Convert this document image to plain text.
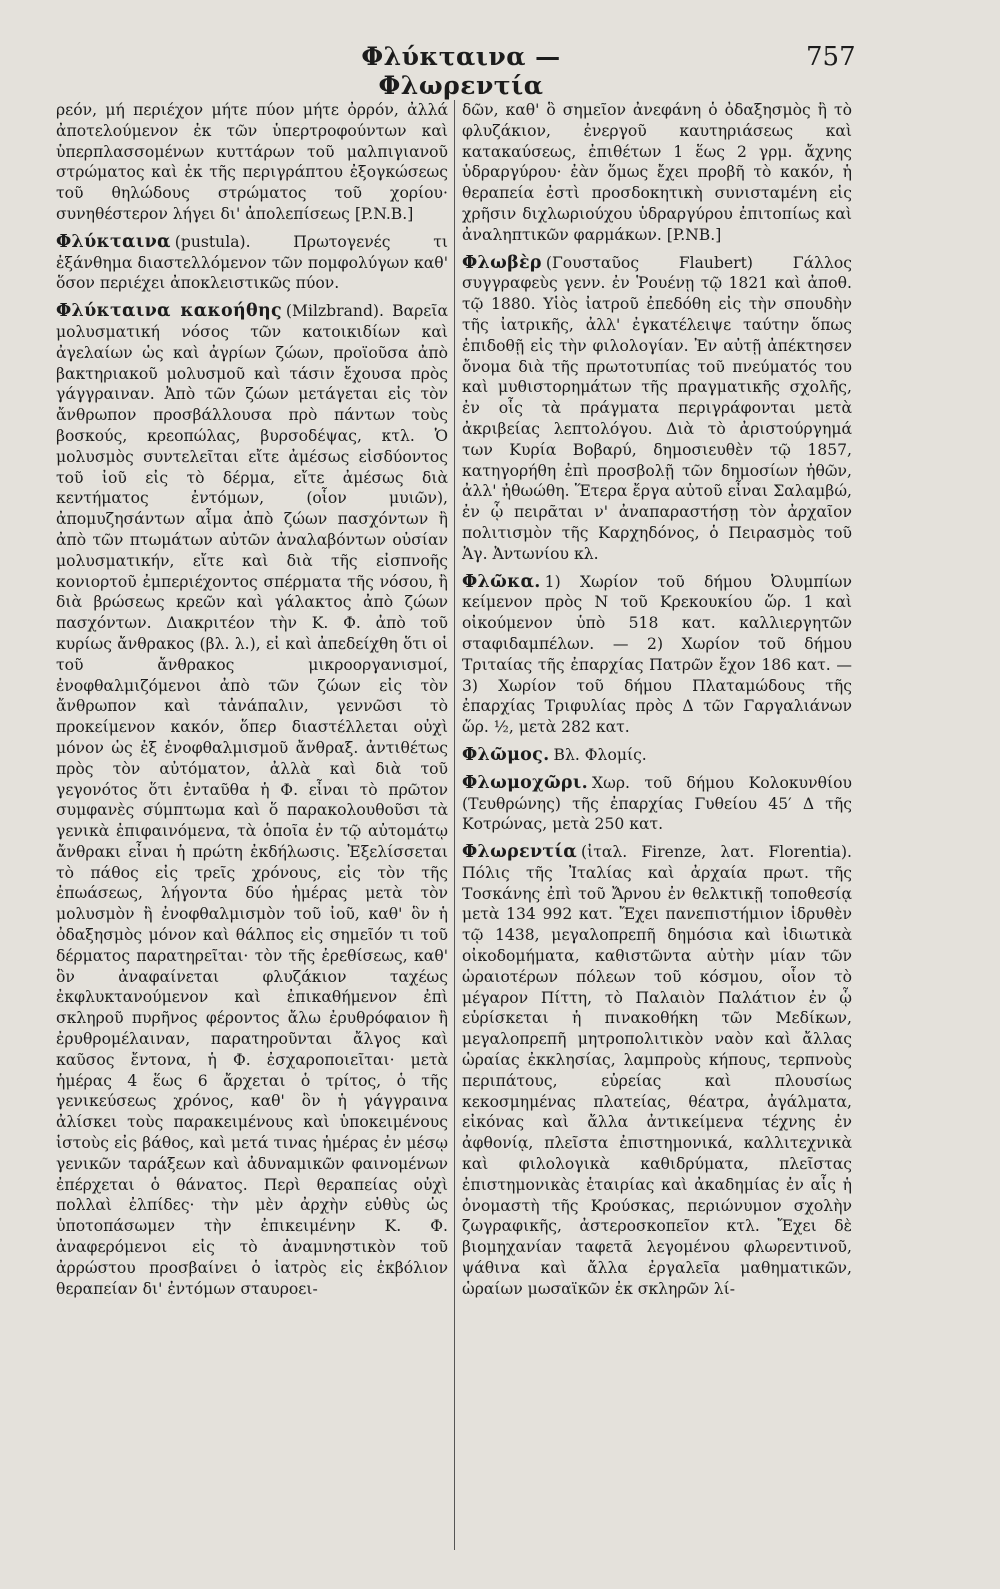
Φλύκταινα — Φλωρεντία
757

ρεόν, μή περιέχον μήτε πύον μήτε ὀρρόν, ἀλλά ἀποτελούμενον ἐκ τῶν ὑπερτροφούντων καὶ ὑπερπλασσομένων κυττάρων τοῦ μαλπιγιανοῦ στρώματος καὶ ἐκ τῆς περιγράπτου ἐξογκώσεως τοῦ θηλώδους στρώματος τοῦ χορίου· συνηθέστερον λήγει δι' ἀπολεπίσεως [P.N.B.]

Φλύκταινα (pustula). Πρωτογενές τι ἐξάνθημα διαστελλόμενον τῶν πομφολύγων καθ' ὅσον περιέχει ἀποκλειστικῶς πύον.

Φλύκταινα κακοήθης (Milzbrand). Βαρεῖα μολυσματική νόσος τῶν κατοικιδίων καὶ ἀγελαίων ὡς καὶ ἀγρίων ζώων, προϊοῦσα ἀπὸ βακτηριακοῦ μολυσμοῦ καὶ τάσιν ἔχουσα πρὸς γάγγραιναν. Ἀπὸ τῶν ζώων μετάγεται εἰς τὸν ἄνθρωπον προσβάλλουσα πρὸ πάντων τοὺς βοσκούς, κρεοπώλας, βυρσοδέψας, κτλ. Ὁ μολυσμὸς συντελεῖται εἴτε ἀμέσως εἰσδύοντος τοῦ ἰοῦ εἰς τὸ δέρμα, εἴτε ἀμέσως διὰ κεντήματος ἐντόμων, (οἷον μυιῶν), ἀπομυζησάντων αἷμα ἀπὸ ζώων πασχόντων ἢ ἀπὸ τῶν πτωμάτων αὐτῶν ἀναλαβόντων οὐσίαν μολυσματικήν, εἴτε καὶ διὰ τῆς εἰσπνοῆς κονιορτοῦ ἐμπεριέχοντος σπέρματα τῆς νόσου, ἢ διὰ βρώσεως κρεῶν καὶ γάλακτος ἀπὸ ζώων πασχόντων. Διακριτέον τὴν Κ. Φ. ἀπὸ τοῦ κυρίως ἄνθρακος (βλ. λ.), εἰ καὶ ἀπεδείχθη ὅτι οἱ τοῦ ἄνθρακος μικροοργανισμοί, ἐνοφθαλμιζόμενοι ἀπὸ τῶν ζώων εἰς τὸν ἄνθρωπον καὶ τἀνάπαλιν, γεννῶσι τὸ προκείμενον κακόν, ὅπερ διαστέλλεται οὐχὶ μόνον ὡς ἐξ ἐνοφθαλμισμοῦ ἄνθραξ. ἀντιθέτως πρὸς τὸν αὐτόματον, ἀλλὰ καὶ διὰ τοῦ γεγονότος ὅτι ἐνταῦθα ἡ Φ. εἶναι τὸ πρῶτον συμφανὲς σύμπτωμα καὶ ὅ παρακολουθοῦσι τὰ γενικὰ ἐπιφαινόμενα, τὰ ὁποῖα ἐν τῷ αὐτομάτῳ ἄνθρακι εἶναι ἡ πρώτη ἐκδήλωσις. Ἐξελίσσεται τὸ πάθος εἰς τρεῖς χρόνους, εἰς τὸν τῆς ἐπωάσεως, λήγοντα δύο ἡμέρας μετὰ τὸν μολυσμὸν ἢ ἐνοφθαλμισμὸν τοῦ ἰοῦ, καθ' ὃν ἡ ὀδαξησμὸς μόνον καὶ θάλπος εἰς σημεῖόν τι τοῦ δέρματος παρατηρεῖται· τὸν τῆς ἐρεθίσεως, καθ' ὃν ἀναφαίνεται φλυζάκιον ταχέως ἐκφλυκτανούμενον καὶ ἐπικαθήμενον ἐπὶ σκληροῦ πυρῆνος φέροντος ἄλω ἐρυθρόφαιον ἢ ἐρυθρομέλαιναν, παρατηροῦνται ἄλγος καὶ καῦσος ἔντονα, ἡ Φ. ἐσχαροποιεῖται· μετὰ ἡμέρας 4 ἕως 6 ἄρχεται ὁ τρίτος, ὁ τῆς γενικεύσεως χρόνος, καθ' ὃν ἡ γάγγραινα ἀλίσκει τοὺς παρακειμένους καὶ ὑποκειμένους ἱστοὺς εἰς βάθος, καὶ μετά τινας ἡμέρας ἐν μέσῳ γενικῶν ταράξεων καὶ ἀδυναμικῶν φαινομένων ἐπέρχεται ὁ θάνατος. Περὶ θεραπείας οὐχὶ πολλαὶ ἐλπίδες· τὴν μὲν ἀρχὴν εὐθὺς ὡς ὑποτοπάσωμεν τὴν ἐπικειμένην Κ. Φ. ἀναφερόμενοι εἰς τὸ ἀναμνηστικὸν τοῦ ἀρρώστου προσβαίνει ὁ ἰατρὸς εἰς ἐκβόλιον θεραπείαν δι' ἐντόμων σταυροει-

δῶν, καθ' ὃ σημεῖον ἀνεφάνη ὁ ὀδαξησμὸς ἢ τὸ φλυζάκιον, ἐνεργοῦ καυτηριάσεως καὶ κατακαύσεως, ἐπιθέτων 1 ἕως 2 γρμ. ἄχνης ὑδραργύρου· ἐὰν ὅμως ἔχει προβῆ τὸ κακόν, ἡ θεραπεία ἐστὶ προσδοκητικὴ συνισταμένη εἰς χρῆσιν διχλωριούχου ὑδραργύρου ἐπιτοπίως καὶ ἀναληπτικῶν φαρμάκων. [P.NB.]

Φλωβὲρ (Γουσταῦος Flaubert) Γάλλος συγγραφεὺς γενν. ἐν Ῥουένῃ τῷ 1821 καὶ ἀποθ. τῷ 1880. Υἱὸς ἰατροῦ ἐπεδόθη εἰς τὴν σπουδὴν τῆς ἰατρικῆς, ἀλλ' ἐγκατέλειψε ταύτην ὅπως ἐπιδοθῇ εἰς τὴν φιλολογίαν. Ἐν αὐτῇ ἀπέκτησεν ὄνομα διὰ τῆς πρωτοτυπίας τοῦ πνεύματός του καὶ μυθιστορημάτων τῆς πραγματικῆς σχολῆς, ἐν οἷς τὰ πράγματα περιγράφονται μετὰ ἀκριβείας λεπτολόγου. Διὰ τὸ ἀριστούργημά των Κυρία Βοβαρύ, δημοσιευθὲν τῷ 1857, κατηγορήθη ἐπὶ προσβολῇ τῶν δημοσίων ἠθῶν, ἀλλ' ἠθωώθη. Ἕτερα ἔργα αὐτοῦ εἶναι Σαλαμβώ, ἐν ᾧ πειρᾶται ν' ἀναπαραστήσῃ τὸν ἀρχαῖον πολιτισμὸν τῆς Καρχηδόνος, ὁ Πειρασμὸς τοῦ Ἁγ. Ἀντωνίου κλ.

Φλῶκα. 1) Χωρίον τοῦ δήμου Ὀλυμπίων κείμενον πρὸς Ν τοῦ Κρεκουκίου ὥρ. 1 καὶ οἰκούμενον ὑπὸ 518 κατ. καλλιεργητῶν σταφιδαμπέλων. — 2) Χωρίον τοῦ δήμου Τριταίας τῆς ἐπαρχίας Πατρῶν ἔχον 186 κατ. — 3) Χωρίον τοῦ δήμου Πλαταμώδους τῆς ἐπαρχίας Τριφυλίας πρὸς Δ τῶν Γαργαλιάνων ὥρ. ½, μετὰ 282 κατ.

Φλῶμος. Βλ. Φλομίς.

Φλωμοχῶρι. Χωρ. τοῦ δήμου Κολοκυνθίου (Τευθρώνης) τῆς ἐπαρχίας Γυθείου 45′ Δ τῆς Κοτρώνας, μετὰ 250 κατ.

Φλωρεντία (ἰταλ. Firenze, λατ. Florentia). Πόλις τῆς Ἰταλίας καὶ ἀρχαία πρωτ. τῆς Τοσκάνης ἐπὶ τοῦ Ἄρνου ἐν θελκτικῇ τοποθεσίᾳ μετὰ 134 992 κατ. Ἔχει πανεπιστήμιον ἱδρυθὲν τῷ 1438, μεγαλοπρεπῆ δημόσια καὶ ἰδιωτικὰ οἰκοδομήματα, καθιστῶντα αὐτὴν μίαν τῶν ὡραιοτέρων πόλεων τοῦ κόσμου, οἷον τὸ μέγαρον Πίττη, τὸ Παλαιὸν Παλάτιον ἐν ᾧ εὑρίσκεται ἡ πινακοθήκη τῶν Μεδίκων, μεγαλοπρεπῆ μητροπολιτικὸν ναὸν καὶ ἄλλας ὡραίας ἐκκλησίας, λαμπροὺς κήπους, τερπνοὺς περιπάτους, εὐρείας καὶ πλουσίως κεκοσμημένας πλατείας, θέατρα, ἀγάλματα, εἰκόνας καὶ ἄλλα ἀντικείμενα τέχνης ἐν ἀφθονίᾳ, πλεῖστα ἐπιστημονικά, καλλιτεχνικὰ καὶ φιλολογικὰ καθιδρύματα, πλεῖστας ἐπιστημονικὰς ἑταιρίας καὶ ἀκαδημίας ἐν αἷς ἡ ὀνομαστὴ τῆς Κρούσκας, περιώνυμον σχολὴν ζωγραφικῆς, ἀστεροσκοπεῖον κτλ. Ἔχει δὲ βιομηχανίαν ταφετᾶ λεγομένου φλωρεντινοῦ, ψάθινα καὶ ἄλλα ἐργαλεῖα μαθηματικῶν, ὡραίων μωσαϊκῶν ἐκ σκληρῶν λί-
